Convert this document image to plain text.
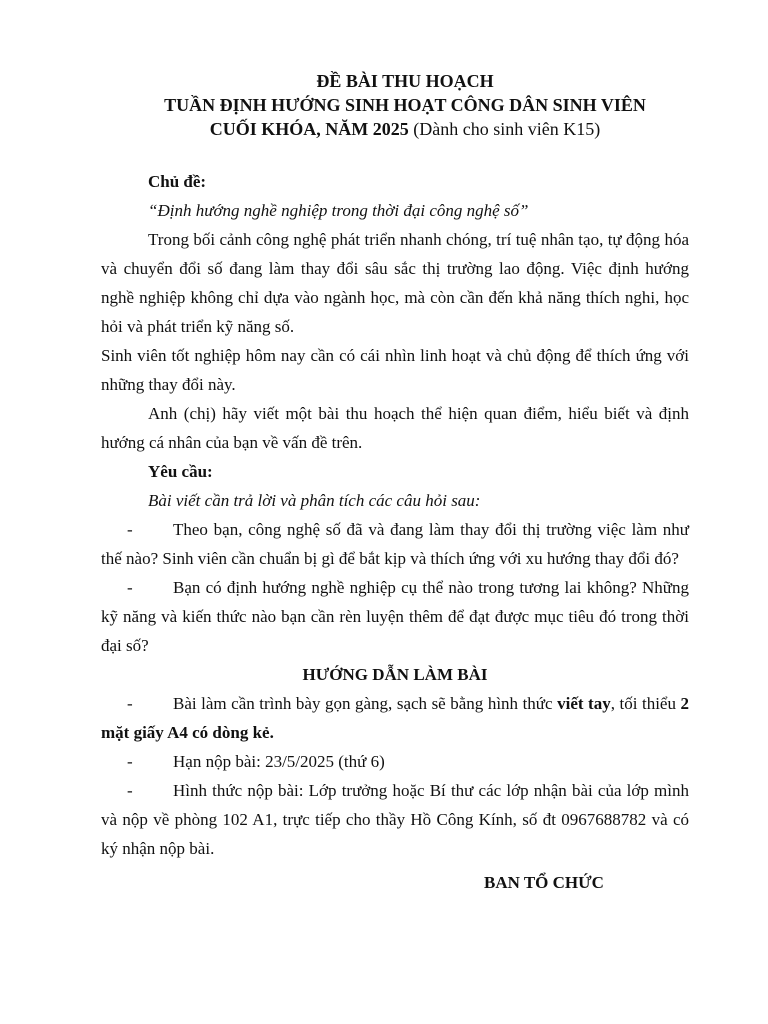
ĐỀ BÀI THU HOẠCH
TUẦN ĐỊNH HƯỚNG SINH HOẠT CÔNG DÂN SINH VIÊN
CUỐI KHÓA, NĂM 2025 (Dành cho sinh viên K15)

Chủ đề:

“Định hướng nghề nghiệp trong thời đại công nghệ số”

Trong bối cảnh công nghệ phát triển nhanh chóng, trí tuệ nhân tạo, tự động hóa và chuyển đổi số đang làm thay đổi sâu sắc thị trường lao động. Việc định hướng nghề nghiệp không chỉ dựa vào ngành học, mà còn cần đến khả năng thích nghi, học hỏi và phát triển kỹ năng số.

Sinh viên tốt nghiệp hôm nay cần có cái nhìn linh hoạt và chủ động để thích ứng với những thay đổi này.

Anh (chị) hãy viết một bài thu hoạch thể hiện quan điểm, hiểu biết và định hướng cá nhân của bạn về vấn đề trên.

Yêu cầu:

Bài viết cần trả lời và phân tích các câu hỏi sau:

- Theo bạn, công nghệ số đã và đang làm thay đổi thị trường việc làm như thế nào? Sinh viên cần chuẩn bị gì để bắt kịp và thích ứng với xu hướng thay đổi đó?

- Bạn có định hướng nghề nghiệp cụ thể nào trong tương lai không? Những kỹ năng và kiến thức nào bạn cần rèn luyện thêm để đạt được mục tiêu đó trong thời đại số?

HƯỚNG DẪN LÀM BÀI

- Bài làm cần trình bày gọn gàng, sạch sẽ bằng hình thức viết tay, tối thiểu 2 mặt giấy A4 có dòng kẻ.

- Hạn nộp bài: 23/5/2025 (thứ 6)

- Hình thức nộp bài: Lớp trưởng hoặc Bí thư các lớp nhận bài của lớp mình và nộp về phòng 102 A1, trực tiếp cho thầy Hồ Công Kính, số đt 0967688782 và có ký nhận nộp bài.

BAN TỔ CHỨC
